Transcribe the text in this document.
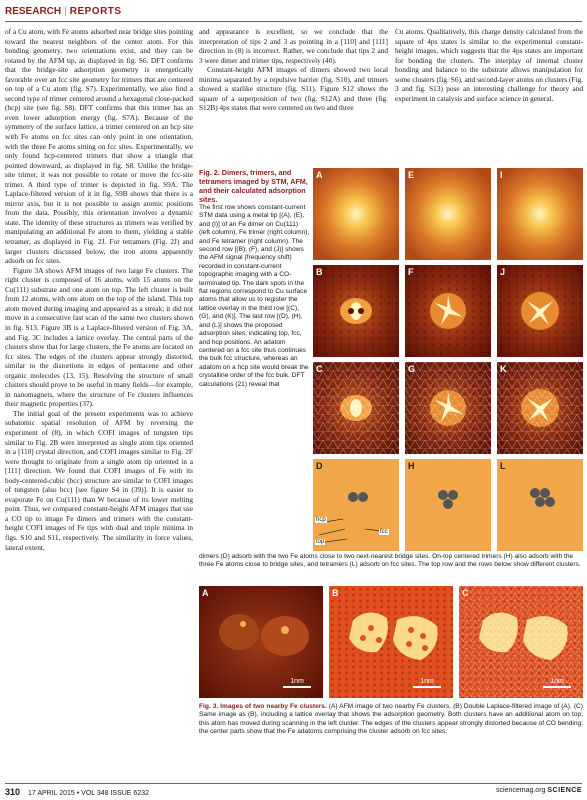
RESEARCH | REPORTS

of a Cu atom, with Fe atoms adsorbed near bridge sites pointing toward the nearest neighbors of the center atom. For this bonding geometry, two orientations exist, and they can be rotated by the AFM tip, as displayed in fig. S6. DFT confirms that the bridge-site adsorption geometry is energetically favorable over an fcc site geometry for trimers that are centered on top of a Cu atom (fig. S7). Experimentally, we also find a second type of trimer centered around a hexagonal close-packed (hcp) site (see fig. S8). DFT confirms that this trimer has an even lower adsorption energy (fig. S7A). Because of the symmetry of the surface lattice, a trimer centered on an hcp site with Fe atoms on fcc sites can only point in one orientation, with the three Fe atoms sitting on fcc sites. Experimentally, we only found hcp-centered trimers that show a triangle that pointed downward, as displayed in fig. S8. Unlike the bridge-site trimer, it was not possible to rotate or move the fcc-site trimer. A third type of trimer is depicted in fig. S9A. The Laplace-filtered version of it in fig. S9B shows that there is a mirror axis, but it is not possible to assign atomic positions from the data. Possibly, this orientation involves a dynamic state. The identity of these structures as trimers was verified by manipulating an additional Fe atom to them, yielding a stable tetramer, as displayed in Fig. 2J. For tetramers (Fig. 2J) and larger clusters discussed below, the iron atoms apparently adsorb on fcc sites.

Figure 3A shows AFM images of two large Fe clusters. The right cluster is composed of 16 atoms, with 15 atoms on the Cu(111) substrate and one atom on top. The left cluster is built from 12 atoms, with one atom on the top of the island. This top atom moved during imaging and appeared as a streak; it did not move in a consecutive fast scan of the same two clusters shown in fig. S13. Figure 3B is a Laplace-filtered version of Fig. 3A, and Fig. 3C includes a lattice overlay. The central parts of the clusters show that for large clusters, the Fe atoms are located on fcc sites. The edges of the clusters appear strongly distorted, similar to the distortions in edges of pentacene and other organic molecules (13, 15). Resolving the structure of small clusters should prove to be useful in many fields—for example, in nanomagnets, where the structure of Fe clusters influences their magnetic properties (37).

The initial goal of the present experiments was to achieve subatomic spatial resolution of AFM by reversing the experiment of (8), in which COFI images of tungsten tips similar to Fig. 2B were interpreted as single atom tips oriented in a [110] crystal direction, and COFI images similar to Fig. 2F were thought to originate from a single atom tip oriented in a [111] direction. We found that COFI images of Fe with its body-centered-cubic (bcc) structure are similar to COFI images of tungsten (also bcc) [see figure S4 in (39)]. It is easier to evaporate Fe on Cu(111) than W because of its lower melting point. Thus, we compared constant-height AFM images that use a CO tip to image Fe dimers and trimers with the constant-height COFI images of Fe tips with dual and triple minima in figs. S10 and S11, respectively. The similarity in force values, lateral extent,

and appearance is excellent, so we conclude that the interpretation of tips 2 and 3 as pointing in a [110] and [111] direction in (8) is incorrect. Rather, we conclude that tips 2 and 3 were dimer and trimer tips, respectively (40).

Constant-height AFM images of dimers showed two local minima separated by a repulsive barrier (fig. S10), and trimers showed a starlike structure (fig. S11). Figure S12 shows the square of a superposition of two (fig. S12A) and three (fig. S12B) 4ps states that were centered on two and three

Cu atoms. Qualitatively, this charge density calculated from the square of 4ps states is similar to the experimental constant-height images, which suggests that the 4ps states are important for bonding the clusters. The interplay of internal cluster bonding and balance to the substrate allows manipulation for some clusters (fig. S6), and second-layer atoms on clusters (Fig. 3 and fig. S13) pose an interesting challenge for theory and experiment in catalysis and surface science in general.

Fig. 2. Dimers, trimers, and tetramers imaged by STM, AFM, and their calculated adsorption sites.
The first row shows constant-current STM data using a metal tip [(A), (E), and (I)] of an Fe dimer on Cu(111) (left column), Fe trimer (right column), and Fe tetramer (right column). The second row [(B), (F), and (J)] shows the AFM signal (frequency shift) recorded in constant-current topographic imaging with a CO-terminated tip. The dark spots in the flat regions correspond to Cu surface atoms that allow us to register the lattice overlay in the third row [(C), (G), and (K)]. The last row [(D), (H), and (L)] shows the proposed adsorption sites, indicating top, fcc, and hcp positions. An adatom centered on a fcc site thus continues the bulk fcc structure, whereas an adatom on a hcp site would break the crystalline order of the fcc bulk. DFT calculations (21) reveal that
A	E	I
B	F	J
C	G	K
D
hcp
fcc
top
H	L
dimers (D) adsorb with the two Fe atoms close to two next-nearest bridge sites. On-top centered trimers (H) also adsorb with the three Fe atoms close to bridge sites, and tetramers (L) adsorb on fcc sites. The top row and the rows below show different clusters.
A
1nm
B
1nm
C
1nm
Fig. 3. Images of two nearby Fe clusters. (A) AFM image of two nearby Fe clusters. (B) Double Laplace-filtered image of (A). (C) Same image as (B), including a lattice overlay that shows the adsorption geometry. Both clusters have an additional atom on top; this atom has moved during scanning in the left cluster. The edges of the clusters appear strongly distorted because of CO bending; the center parts show that the Fe adatoms comprising the cluster adsorb on fcc sites.
310 17 APRIL 2015 • VOL 348 ISSUE 6232	sciencemag.org SCIENCE
